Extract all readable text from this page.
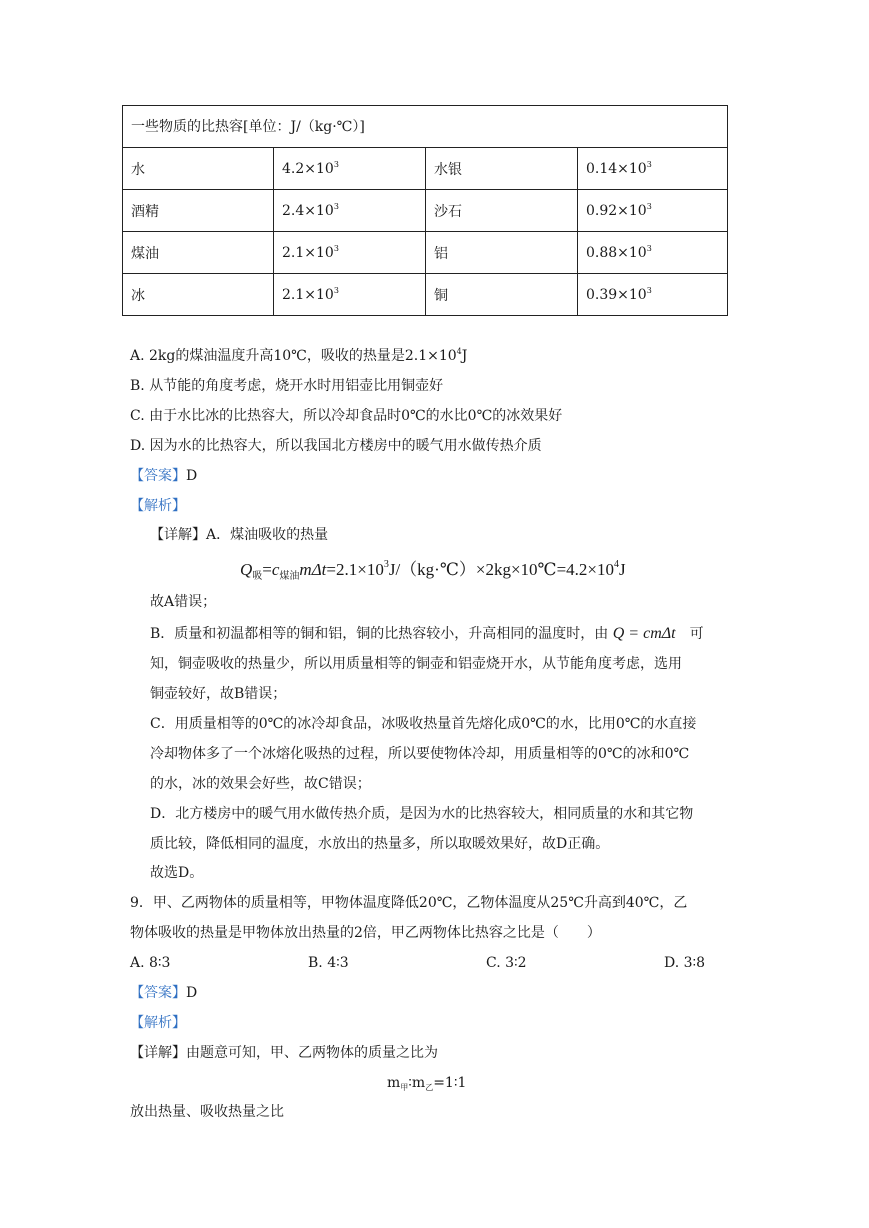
一些物质的比热容[单位：J/（kg·℃）]			
水	$4.2\times 10^3$	水银	$0.14\times 10^3$
酒精	$2.4\times 10^3$	沙石	$0.92\times 10^3$
煤油	$2.1\times 10^3$	铝	$0.88\times 10^3$
冰	$2.1\times 10^3$	铜	$0.39\times 10^3$
A. 2kg的煤油温度升高10℃，吸收的热量是$2.1\times 10^4J$
B. 从节能的角度考虑，烧开水时用铝壶比用铜壶好
C. 由于水比冰的比热容大，所以冷却食品时0℃的水比0℃的冰效果好
D. 因为水的比热容大，所以我国北方楼房中的暖气用水做传热介质
【答案】D
【解析】
【详解】A．煤油吸收的热量
$Q_吸=c_{煤油}m\Delta t=2.1\times 10^3J/(kg\cdot℃)\times 2kg\times 10℃=4.2\times 10^4J$
故A错误；
B．质量和初温都相等的铜和铝，铜的比热容较小，升高相同的温度时，由 Q = cmΔt　 可
知，铜壶吸收的热量少，所以用质量相等的铜壶和铝壶烧开水，从节能角度考虑，选用
铜壶较好，故B错误；
C．用质量相等的0℃的冰冷却食品，冰吸收热量首先熔化成0℃的水，比用0℃的水直接
冷却物体多了一个冰熔化吸热的过程，所以要使物体冷却，用质量相等的0℃的冰和0℃
的水，冰的效果会好些，故C错误；
D．北方楼房中的暖气用水做传热介质，是因为水的比热容较大，相同质量的水和其它物
质比较，降低相同的温度，水放出的热量多，所以取暖效果好，故D正确。
故选D。
9．甲、乙两物体的质量相等，甲物体温度降低20℃，乙物体温度从25℃升高到40℃，乙
物体吸收的热量是甲物体放出热量的2倍，甲乙两物体比热容之比是（　　）
A. 8∶3	B. 4∶3	C. 3∶2	D. 3∶8
【答案】D
【解析】
【详解】由题意可知，甲、乙两物体的质量之比为
$m_甲∶m_乙=1∶1$
放出热量、吸收热量之比
